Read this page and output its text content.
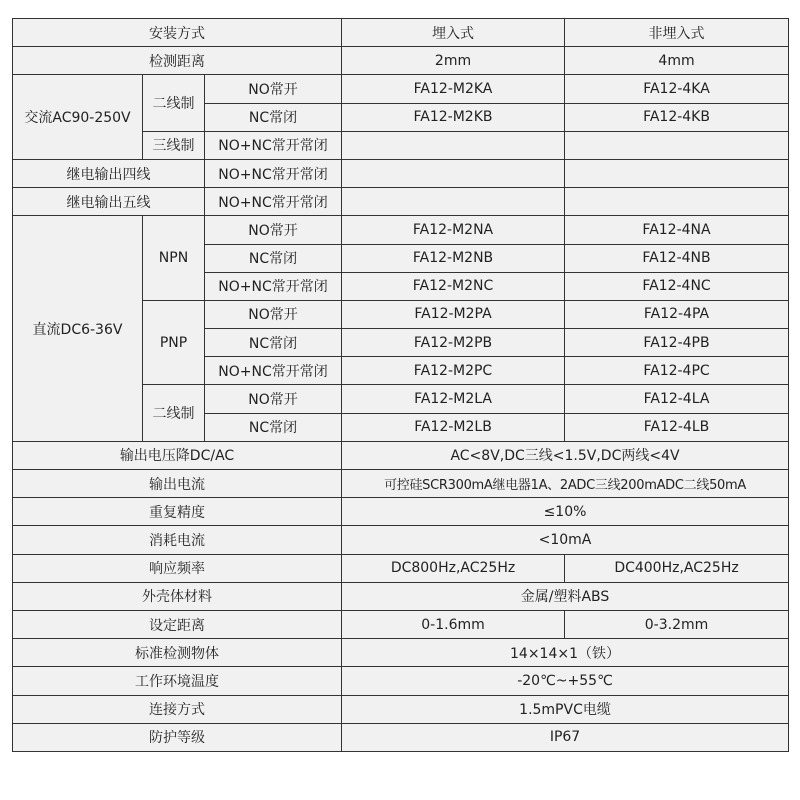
安装方式			埋入式	非埋入式
检测距离			2mm	4mm
交流AC90-250V	二线制	NO常开	FA12-M2KA	FA12-4KA
		NC常闭	FA12-M2KB	FA12-4KB
	三线制	NO+NC常开常闭		
继电输出四线		NO+NC常开常闭		
继电输出五线		NO+NC常开常闭		
直流DC6-36V	NPN	NO常开	FA12-M2NA	FA12-4NA
		NC常闭	FA12-M2NB	FA12-4NB
		NO+NC常开常闭	FA12-M2NC	FA12-4NC
	PNP	NO常开	FA12-M2PA	FA12-4PA
		NC常闭	FA12-M2PB	FA12-4PB
		NO+NC常开常闭	FA12-M2PC	FA12-4PC
	二线制	NO常开	FA12-M2LA	FA12-4LA
		NC常闭	FA12-M2LB	FA12-4LB
输出电压降DC/AC			AC<8V,DC三线<1.5V,DC两线<4V	
输出电流			可控硅SCR300mA继电器1A、2ADC三线200mADC二线50mA	
重复精度			≤10%	
消耗电流			<10mA	
响应频率			DC800Hz,AC25Hz	DC400Hz,AC25Hz
外壳体材料			金属/塑料ABS	
设定距离			0-1.6mm	0-3.2mm
标准检测物体			14×14×1（铁）	
工作环境温度			-20℃~+55℃	
连接方式			1.5mPVC电缆	
防护等级			IP67	
